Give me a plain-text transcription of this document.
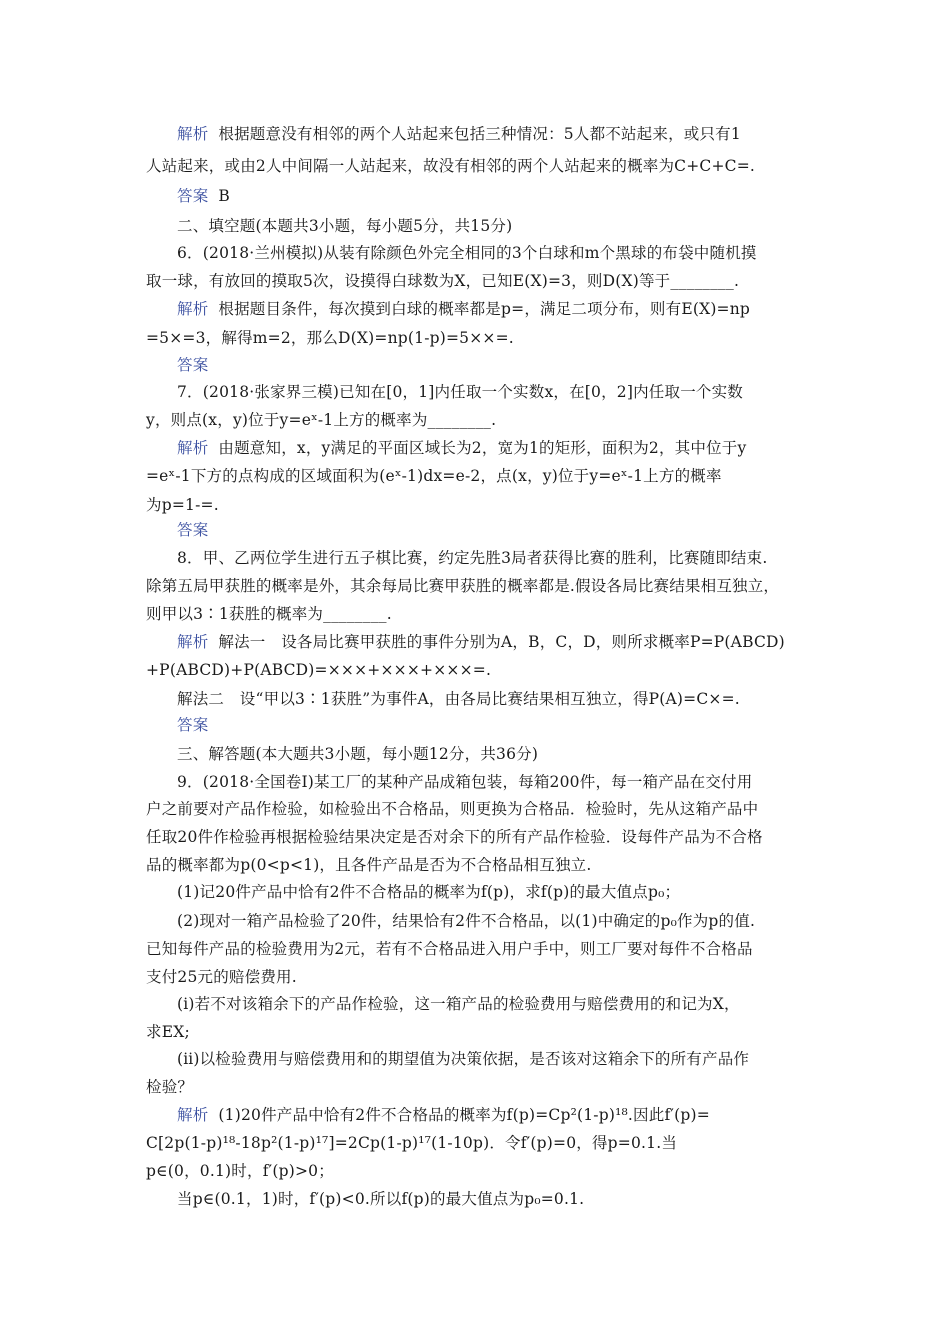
解析 根据题意没有相邻的两个人站起来包括三种情况：5人都不站起来，或只有1
人站起来，或由2人中间隔一人站起来，故没有相邻的两个人站起来的概率为C+C+C=.
答案 B
二、填空题(本题共3小题，每小题5分，共15分)
6．(2018·兰州模拟)从装有除颜色外完全相同的3个白球和m个黑球的布袋中随机摸
取一球，有放回的摸取5次，设摸得白球数为X，已知E(X)=3，则D(X)等于________.
解析 根据题目条件，每次摸到白球的概率都是p=，满足二项分布，则有E(X)=np
=5×=3，解得m=2，那么D(X)=np(1-p)=5××=.
答案
7．(2018·张家界三模)已知在[0，1]内任取一个实数x，在[0，2]内任取一个实数
y，则点(x，y)位于y=eˣ-1上方的概率为________.
解析 由题意知，x，y满足的平面区域长为2，宽为1的矩形，面积为2，其中位于y
=eˣ-1下方的点构成的区域面积为(eˣ-1)dx=e-2，点(x，y)位于y=eˣ-1上方的概率
为p=1-=.
答案
8．甲、乙两位学生进行五子棋比赛，约定先胜3局者获得比赛的胜利，比赛随即结束.
除第五局甲获胜的概率是外，其余每局比赛甲获胜的概率都是.假设各局比赛结果相互独立，
则甲以3∶1获胜的概率为________.
解析 解法一　设各局比赛甲获胜的事件分别为A，B，C，D，则所求概率P=P(ABCD)
+P(ABCD)+P(ABCD)=×××+×××+×××=.
解法二　设“甲以3∶1获胜”为事件A，由各局比赛结果相互独立，得P(A)=C×=.
答案
三、解答题(本大题共3小题，每小题12分，共36分)
9．(2018·全国卷Ⅰ)某工厂的某种产品成箱包装，每箱200件，每一箱产品在交付用
户之前要对产品作检验，如检验出不合格品，则更换为合格品．检验时，先从这箱产品中
任取20件作检验再根据检验结果决定是否对余下的所有产品作检验．设每件产品为不合格
品的概率都为p(0<p<1)，且各件产品是否为不合格品相互独立.
(1)记20件产品中恰有2件不合格品的概率为f(p)，求f(p)的最大值点p₀；
(2)现对一箱产品检验了20件，结果恰有2件不合格品，以(1)中确定的p₀作为p的值.
已知每件产品的检验费用为2元，若有不合格品进入用户手中，则工厂要对每件不合格品
支付25元的赔偿费用.
(ⅰ)若不对该箱余下的产品作检验，这一箱产品的检验费用与赔偿费用的和记为X，
求EX;
(ⅱ)以检验费用与赔偿费用和的期望值为决策依据，是否该对这箱余下的所有产品作
检验？
解析 (1)20件产品中恰有2件不合格品的概率为f(p)=Cp²(1-p)¹⁸.因此f′(p)=
C[2p(1-p)¹⁸-18p²(1-p)¹⁷]=2Cp(1-p)¹⁷(1-10p)．令f′(p)=0，得p=0.1.当
p∈(0，0.1)时，f′(p)>0；
当p∈(0.1，1)时，f′(p)<0.所以f(p)的最大值点为p₀=0.1.
